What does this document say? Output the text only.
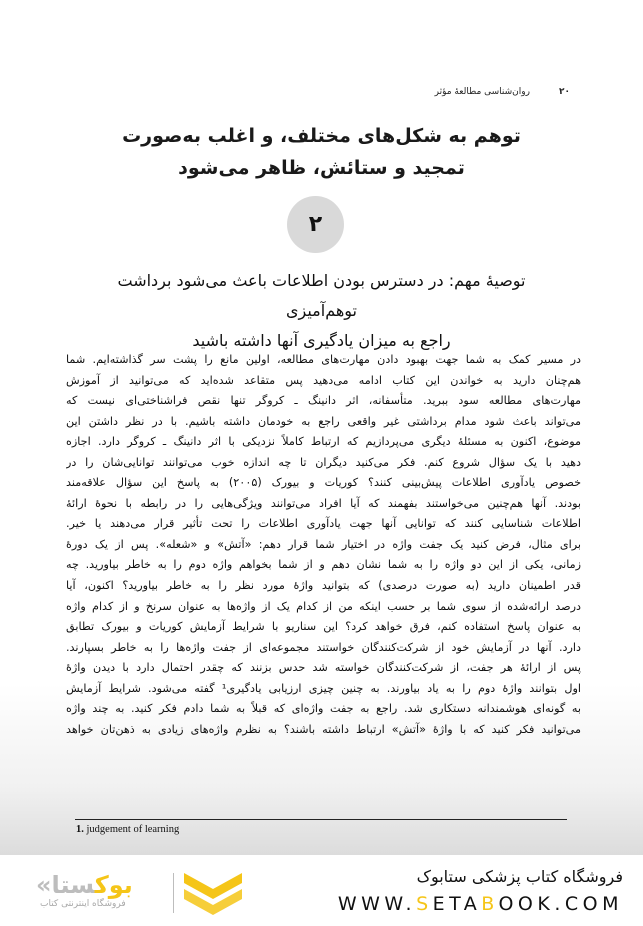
۲۰
روان‌شناسی مطالعهٔ مؤثر
توهم به شکل‌های مختلف، و اغلب به‌صورت
تمجید و ستائش، ظاهر می‌شود
۲
توصیهٔ مهم: در دسترس بودن اطلاعات باعث می‌شود برداشت توهم‌آمیزی
راجع به میزان یادگیری آنها داشته باشید
در مسیر کمک به شما جهت بهبود دادن مهارت‌های مطالعه، اولین مانع را پشت سر گذاشته‌ایم. شما
هم‌چنان دارید به خواندن این کتاب ادامه می‌دهید پس متقاعد شده‌اید که می‌توانید از آموزش
مهارت‌های مطالعه سود ببرید. متأسفانه، اثر دانینگ ـ کروگر تنها نقص فراشناختی‌ای نیست که
می‌تواند باعث شود مدام برداشتی غیر واقعی راجع به خودمان داشته باشیم. با در نظر داشتن این
موضوع، اکنون به مسئلهٔ دیگری می‌پردازیم که ارتباط کاملاً نزدیکی با اثر دانینگ ـ کروگر دارد. اجازه
دهید با یک سؤال شروع کنم. فکر می‌کنید دیگران تا چه اندازه خوب می‌توانند توانایی‌شان را در
خصوص یادآوری اطلاعات پیش‌بینی کنند؟ کوریات و بیورک (۲۰۰۵) به پاسخ این سؤال علاقه‌مند
بودند. آنها هم‌چنین می‌خواستند بفهمند که آیا افراد می‌توانند ویژگی‌هایی را در رابطه با نحوهٔ ارائهٔ
اطلاعات شناسایی کنند که توانایی آنها جهت یادآوری اطلاعات را تحت تأثیر قرار می‌دهند یا خیر.
برای مثال، فرض کنید یک جفت واژه در اختیار شما قرار دهم: «آتش» و «شعله». پس از یک دورهٔ
زمانی، یکی از این دو واژه را به شما نشان دهم و از شما بخواهم واژه دوم را به خاطر بیاورید. چه
قدر اطمینان دارید (به صورت درصدی) که بتوانید واژهٔ مورد نظر را به خاطر بیاورید؟ اکنون، آیا
درصد ارائه‌شده از سوی شما بر حسب اینکه من از کدام یک از واژه‌ها به عنوان سرنخ و از کدام واژه
به عنوان پاسخ استفاده کنم، فرق خواهد کرد؟ این سناریو با شرایط آزمایش کوریات و بیورک تطابق
دارد. آنها در آزمایش خود از شرکت‌کنندگان خواستند مجموعه‌ای از جفت واژه‌ها را به خاطر بسپارند.
پس از ارائهٔ هر جفت، از شرکت‌کنندگان خواسته شد حدس بزنند که چقدر احتمال دارد با دیدن واژهٔ
اول بتوانند واژهٔ دوم را به یاد بیاورند. به چنین چیزی ارزیابی یادگیری¹ گفته می‌شود. شرایط آزمایش
به گونه‌ای هوشمندانه دستکاری شد. راجع به جفت واژه‌ای که قبلاً به شما دادم فکر کنید. به چند واژه
می‌توانید فکر کنید که با واژهٔ «آتش» ارتباط داشته باشند؟ به نظرم واژه‌های زیادی به ذهن‌تان خواهد
1. judgement of learning
« بوکستا
فروشگاه اینترنتی کتاب
فروشگاه کتاب پزشکی ستابوک
WWW.SETABOOK.COM
